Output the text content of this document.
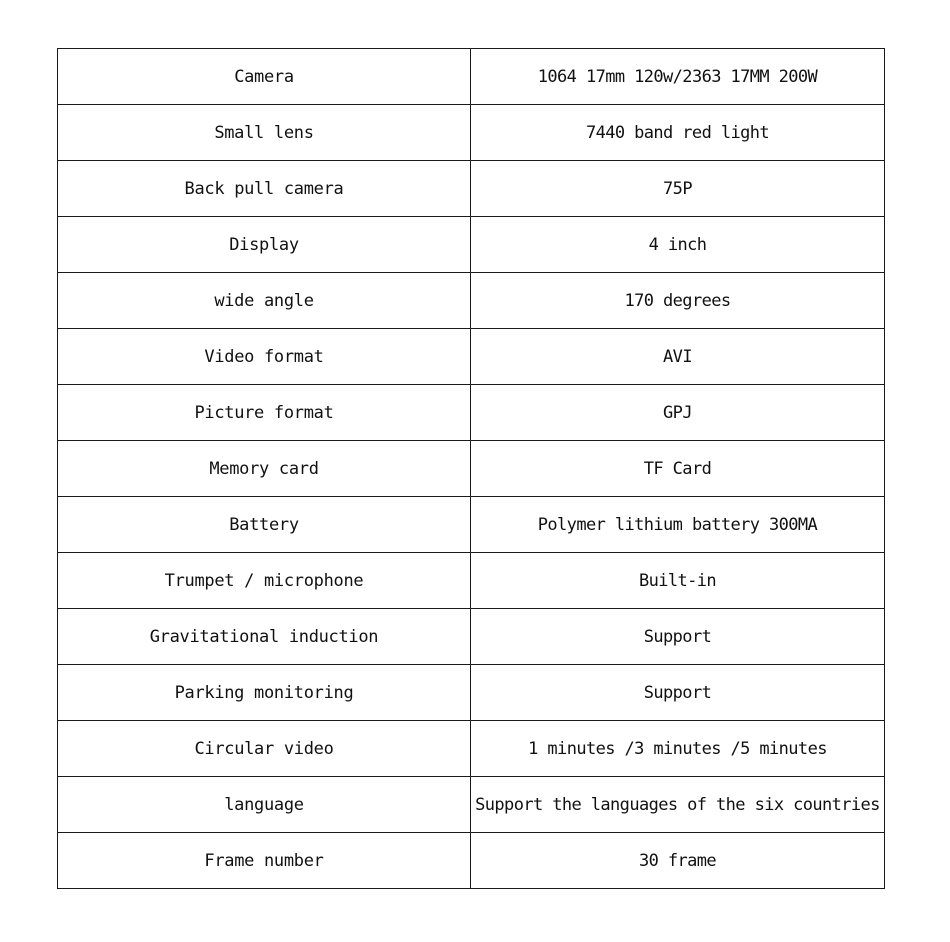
Camera	1064 17mm 120w/2363 17MM 200W
Small lens	7440 band red light
Back pull camera	75P
Display	4 inch
wide angle	170 degrees
Video format	AVI
Picture format	GPJ
Memory card	TF Card
Battery	Polymer lithium battery 300MA
Trumpet / microphone	Built-in
Gravitational induction	Support
Parking monitoring	Support
Circular video	1 minutes /3 minutes /5 minutes
language	Support the languages of the six countries
Frame number	30 frame
